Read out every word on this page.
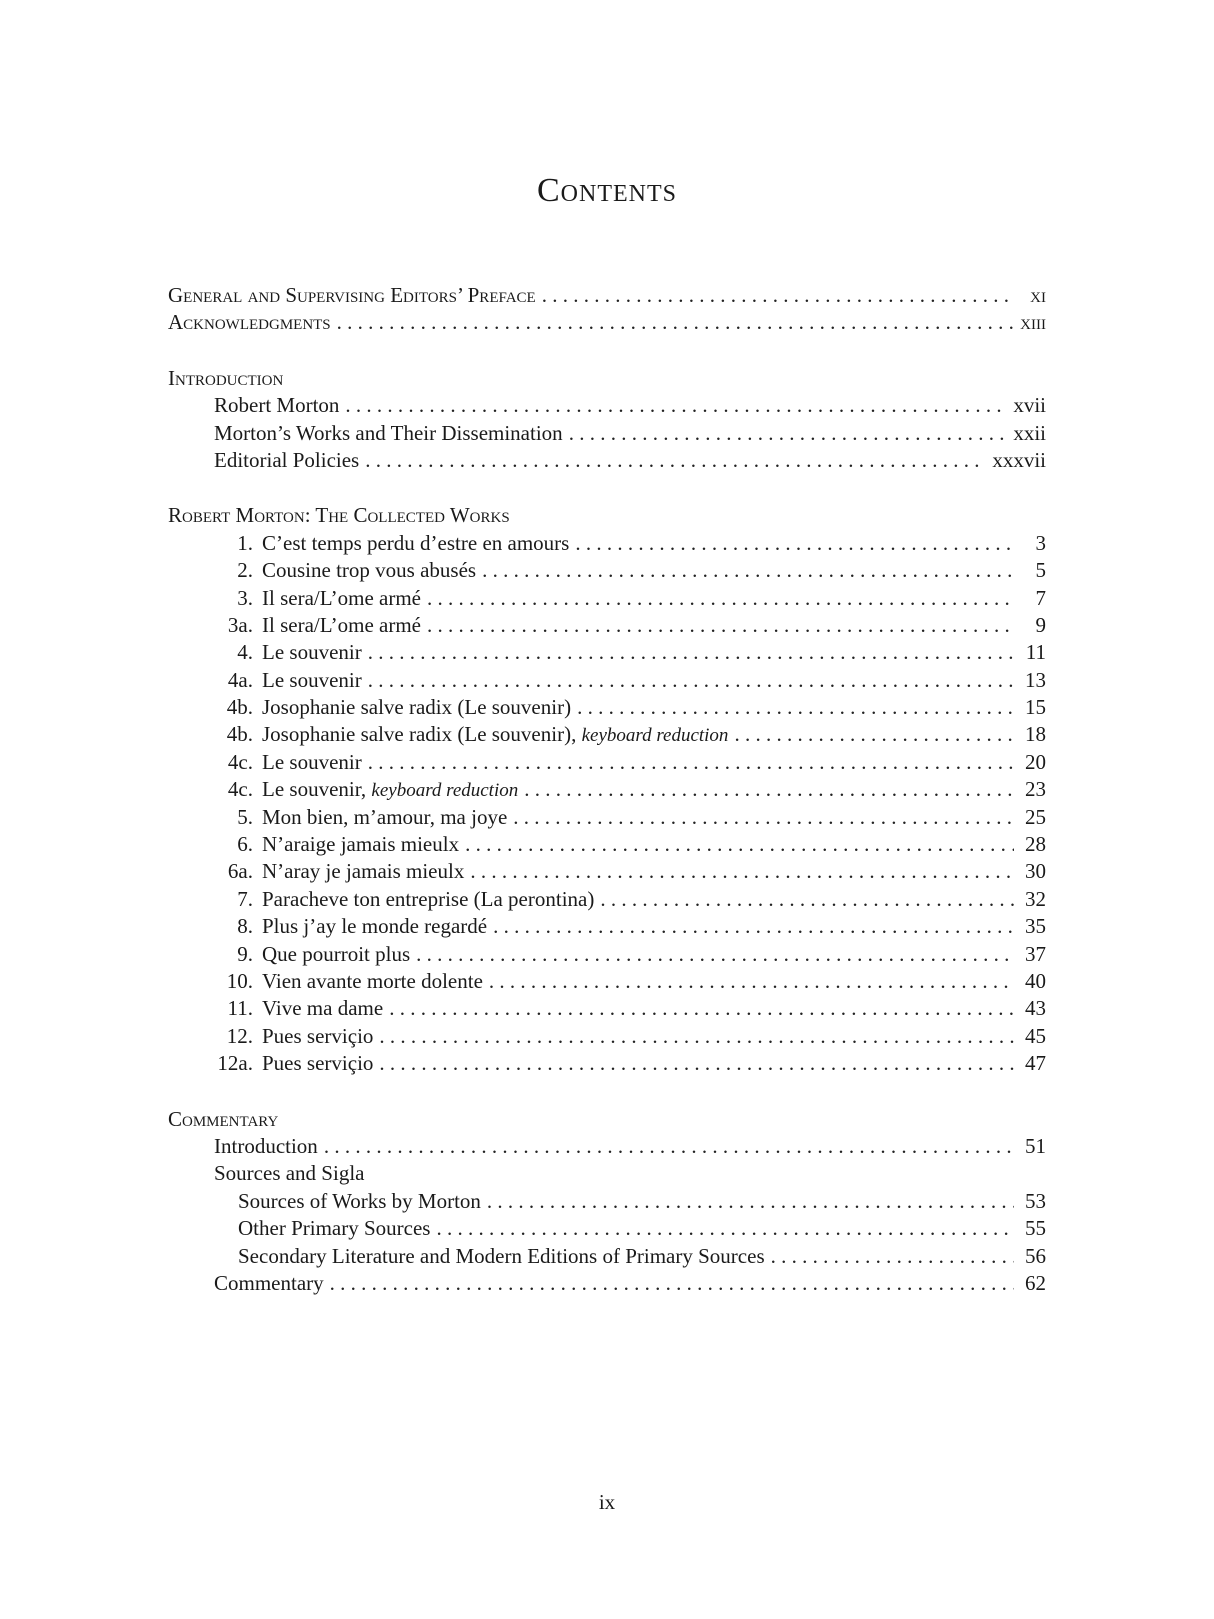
Contents
General and Supervising Editors’ Preface . . .	xi
Acknowledgments . . .	xiii
Introduction
Robert Morton . . .	xvii
Morton’s Works and Their Dissemination . . .	xxii
Editorial Policies . . .	xxxvii
Robert Morton: The Collected Works
1. C’est temps perdu d’estre en amours . . .	3
2. Cousine trop vous abusés . . .	5
3. Il sera/L’ome armé . . .	7
3a. Il sera/L’ome armé . . .	9
4. Le souvenir . . .	11
4a. Le souvenir . . .	13
4b. Josophanie salve radix (Le souvenir) . . .	15
4b. Josophanie salve radix (Le souvenir), keyboard reduction . . .	18
4c. Le souvenir . . .	20
4c. Le souvenir, keyboard reduction . . .	23
5. Mon bien, m’amour, ma joye . . .	25
6. N’araige jamais mieulx . . .	28
6a. N’aray je jamais mieulx . . .	30
7. Paracheve ton entreprise (La perontina) . . .	32
8. Plus j’ay le monde regardé . . .	35
9. Que pourroit plus . . .	37
10. Vien avante morte dolente . . .	40
11. Vive ma dame . . .	43
12. Pues serviçio . . .	45
12a. Pues serviçio . . .	47
Commentary
Introduction . . .	51
Sources and Sigla
Sources of Works by Morton . . .	53
Other Primary Sources . . .	55
Secondary Literature and Modern Editions of Primary Sources . . .	56
Commentary . . .	62
ix
